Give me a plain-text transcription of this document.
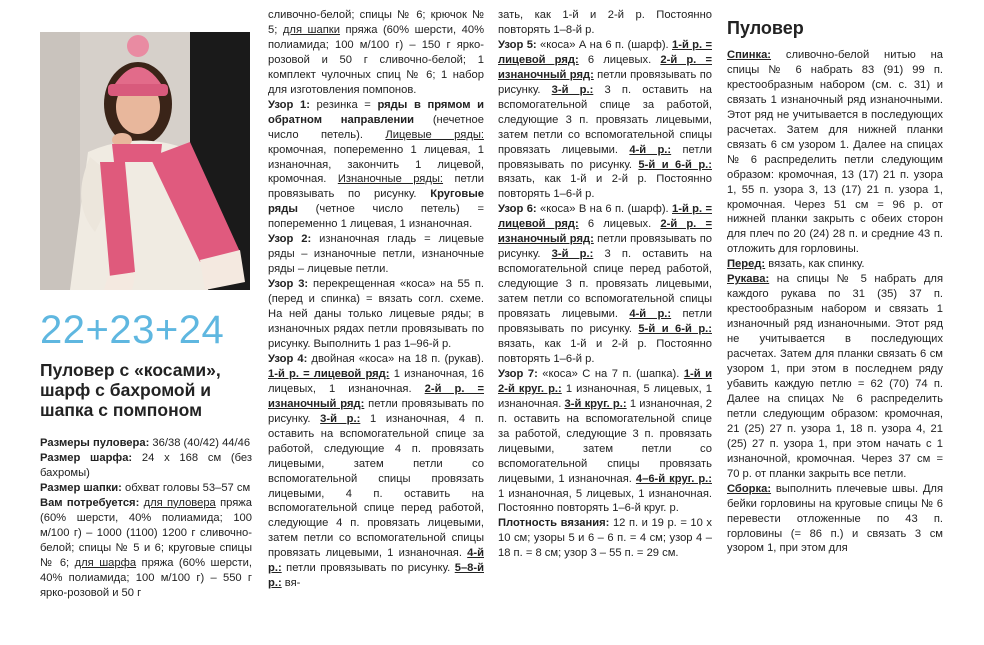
22+23+24
Пуловер с «косами», шарф с бахромой и шапка с помпоном

Размеры пуловера: 36/38 (40/42) 44/46

Размер шарфа: 24 х 168 см (без бахромы)

Размер шапки: обхват головы 53–57 см

Вам потребуется: для пуловера пряжа (60% шерсти, 40% полиамида; 100 м/100 г) – 1000 (1100) 1200 г сливочно-белой; спицы № 5 и 6; круговые спицы № 6; для шарфа пряжа (60% шерсти, 40% полиамида; 100 м/100 г) – 550 г ярко-розовой и 50 г

сливочно-белой; спицы № 6; крючок № 5; для шапки пряжа (60% шерсти, 40% полиамида; 100 м/100 г) – 150 г ярко-розовой и 50 г сливочно-белой; 1 комплект чулочных спиц № 6; 1 набор для изготовления помпонов.

Узор 1: резинка = ряды в прямом и обратном направлении (нечетное число петель). Лицевые ряды: кромочная, попеременно 1 лицевая, 1 изнаночная, закончить 1 лицевой, кромочная. Изнаночные ряды: петли провязывать по рисунку. Круговые ряды (четное число петель) = попеременно 1 лицевая, 1 изнаночная.

Узор 2: изнаночная гладь = лицевые ряды – изнаночные петли, изнаночные ряды – лицевые петли.

Узор 3: перекрещенная «коса» на 55 п. (перед и спинка) = вязать согл. схеме. На ней даны только лицевые ряды; в изнаночных рядах петли провязывать по рисунку. Выполнить 1 раз 1–96-й р.

Узор 4: двойная «коса» на 18 п. (рукав). 1-й р. = лицевой ряд: 1 изнаночная, 16 лицевых, 1 изнаночная. 2-й р. = изнаночный ряд: петли провязывать по рисунку. 3-й р.: 1 изнаночная, 4 п. оставить на вспомогательной спице за работой, следующие 4 п. провязать лицевыми, затем петли со вспомогательной спицы провязать лицевыми, 4 п. оставить на вспомогательной спице перед работой, следующие 4 п. провязать лицевыми, затем петли со вспомогательной спицы провязать лицевыми, 1 изнаночная. 4-й р.: петли провязывать по рисунку. 5–8-й р.: вя-

зать, как 1-й и 2-й р. Постоянно повторять 1–8-й р.

Узор 5: «коса» А на 6 п. (шарф). 1-й р. = лицевой ряд: 6 лицевых. 2-й р. = изнаночный ряд: петли провязывать по рисунку. 3-й р.: 3 п. оставить на вспомогательной спице за работой, следующие 3 п. провязать лицевыми, затем петли со вспомогательной спицы провязать лицевыми. 4-й р.: петли провязывать по рисунку. 5-й и 6-й р.: вязать, как 1-й и 2-й р. Постоянно повторять 1–6-й р.

Узор 6: «коса» В на 6 п. (шарф). 1-й р. = лицевой ряд: 6 лицевых. 2-й р. = изнаночный ряд: петли провязывать по рисунку. 3-й р.: 3 п. оставить на вспомогательной спице перед работой, следующие 3 п. провязать лицевыми, затем петли со вспомогательной спицы провязать лицевыми. 4-й р.: петли провязывать по рисунку. 5-й и 6-й р.: вязать, как 1-й и 2-й р. Постоянно повторять 1–6-й р.

Узор 7: «коса» С на 7 п. (шапка). 1-й и 2-й круг. р.: 1 изнаночная, 5 лицевых, 1 изнаночная. 3-й круг. р.: 1 изнаночная, 2 п. оставить на вспомогательной спице за работой, следующие 3 п. провязать лицевыми, затем петли со вспомогательной спицы провязать лицевыми, 1 изнаночная. 4–6-й круг. р.: 1 изнаночная, 5 лицевых, 1 изнаночная. Постоянно повторять 1–6-й круг. р.

Плотность вязания: 12 п. и 19 р. = 10 х 10 см; узоры 5 и 6 – 6 п. = 4 см; узор 4 – 18 п. = 8 см; узор 3 – 55 п. = 29 см.

Пуловер

Спинка: сливочно-белой нитью на спицы № 6 набрать 83 (91) 99 п. крестообразным набором (см. с. 31) и связать 1 изнаночный ряд изнаночными. Этот ряд не учитывается в последующих расчетах. Затем для нижней планки связать 6 см узором 1. Далее на спицах № 6 распределить петли следующим образом: кромочная, 13 (17) 21 п. узора 1, 55 п. узора 3, 13 (17) 21 п. узора 1, кромочная. Через 51 см = 96 р. от нижней планки закрыть с обеих сторон для плеч по 20 (24) 28 п. и средние 43 п. отложить для горловины.

Перед: вязать, как спинку.

Рукава: на спицы № 5 набрать для каждого рукава по 31 (35) 37 п. крестообразным набором и связать 1 изнаночный ряд изнаночными. Этот ряд не учитывается в последующих расчетах. Затем для планки связать 6 см узором 1, при этом в последнем ряду убавить каждую петлю = 62 (70) 74 п. Далее на спицах № 6 распределить петли следующим образом: кромочная, 21 (25) 27 п. узора 1, 18 п. узора 4, 21 (25) 27 п. узора 1, при этом начать с 1 изнаночной, кромочная. Через 37 см = 70 р. от планки закрыть все петли.

Сборка: выполнить плечевые швы. Для бейки горловины на круговые спицы № 6 перевести отложенные по 43 п. горловины (= 86 п.) и связать 3 см узором 1, при этом для
